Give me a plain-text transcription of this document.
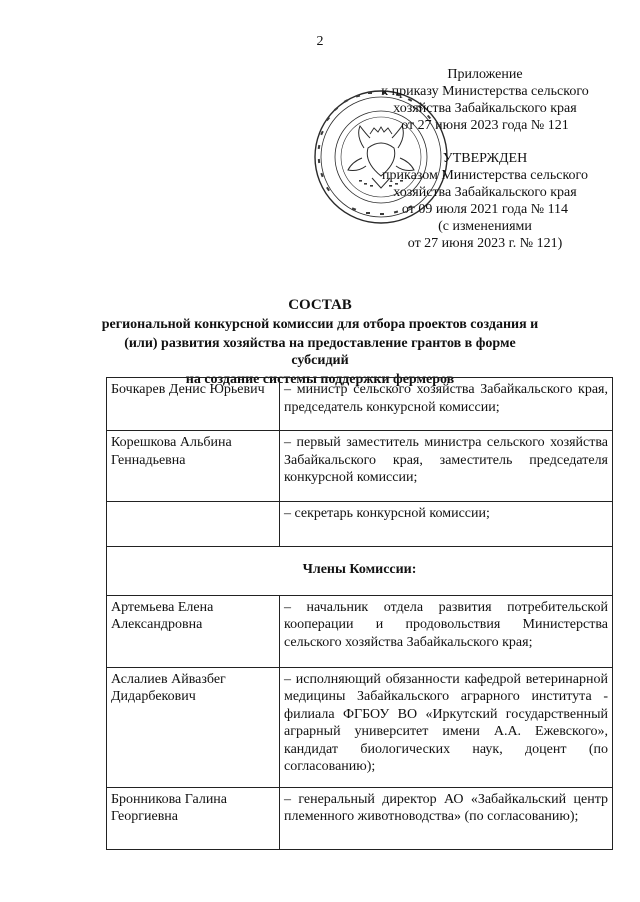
2
Приложение
к приказу Министерства сельского
хозяйства Забайкальского края
от 27 июня 2023 года № 121
УТВЕРЖДЕН
приказом Министерства сельского
хозяйства Забайкальского края
от 09 июля 2021 года № 114
(с изменениями
от 27 июня 2023 г. № 121)
СОСТАВ
региональной конкурсной комиссии для отбора проектов создания и
(или) развития хозяйства на предоставление грантов в форме субсидий
на создание системы поддержки фермеров
Бочкарев Денис Юрьевич	– министр сельского хозяйства Забайкальского края, председатель конкурсной комиссии;
Корешкова Альбина Геннадьевна	– первый заместитель министра сельского хозяйства Забайкальского края, заместитель председателя конкурсной комиссии;
	– секретарь конкурсной комиссии;
Члены Комиссии:	
Артемьева Елена Александровна	– начальник отдела развития потребительской кооперации и продовольствия Министерства сельского хозяйства Забайкальского края;
Аслалиев Айвазбег Дидарбекович	– исполняющий обязанности кафедрой ветеринарной медицины Забайкальского аграрного института - филиала ФГБОУ ВО «Иркутский государственный аграрный университет имени А.А. Ежевского», кандидат биологических наук, доцент (по согласованию);
Бронникова Галина Георгиевна	– генеральный директор АО «Забайкальский центр племенного животноводства» (по согласованию);
